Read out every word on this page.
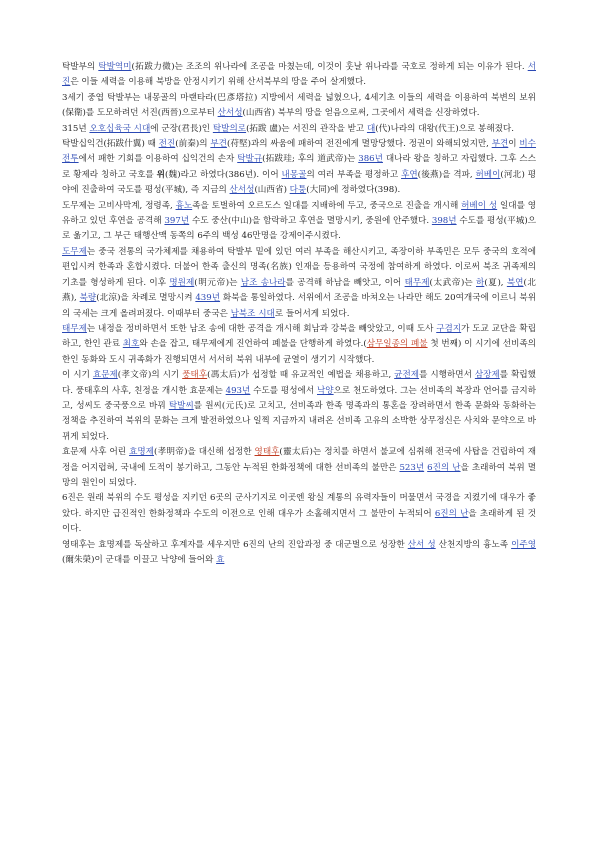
탁발부의 탁발역미(拓跋力微)는 조조의 위나라에 조공을 마쳤는데, 이것이 훗날 위나라를 국호로 정하게 되는 이유가 된다. 서진은 이들 세력을 이용해 북방을 안정시키기 위해 산서북부의 땅을 주어 살게했다.

3세기 중엽 탁발부는 내몽골의 마랜타라(巴彥塔拉) 지방에서 세력을 넓혔으나, 4세기초 이들의 세력을 이용하여 북변의 보위(保衛)를 도모하려던 서진(西晉)으로부터 산서성(山西省) 북부의 땅을 얻음으로써, 그곳에서 세력을 신장하였다.

315년 오호십육국 시대에 군장(君長)인 탁발의로(拓跋 盧)는 서진의 관작을 받고 대(代)나라의 대왕(代王)으로 봉해졌다.

탁발십익건(拓跋什翼) 때 전진(前秦)의 부견(苻堅)과의 싸움에 패하여 전진에게 멸망당했다. 정권이 와해되었지만, 부견이 비수 전투에서 패한 기회를 이용하여 십익건의 손자 탁발규(拓跋珪; 후의 道武帝)는 386년 대나라 왕을 칭하고 자립했다. 그후 스스로 황제라 칭하고 국호를 위(魏)라고 하였다(386년). 이어 내몽골의 여러 부족을 평정하고 후연(後燕)을 격파, 허베이(河北) 평야에 진출하여 국도를 평성(平城), 즉 지금의 산서성(山西省) 다퉁(大同)에 정하였다(398).

도무제는 고비사막계, 정령족, 흉노족을 토벌하여 오르도스 일대를 지배하에 두고, 중국으로 진출을 개시해 허베이 성 일대를 영유하고 있던 후연을 공격해 397년 수도 중산(中山)을 함락하고 후연을 멸망시키, 중원에 안주했다. 398년 수도를 평성(平城)으로 옮기고, 그 부근 태행산맥 동쪽의 6주의 백성 46만명을 강제이주시켰다.

도무제는 중국 전통의 국가체제를 채용하여 탁발부 밑에 있던 여러 부족을 해산시키고, 족장이하 부족민은 모두 중국의 호적에 편입시켜 한족과 혼합시켰다. 더불어 한족 출신의 명족(名族) 인재을 등용하여 국정에 참여하게 하였다. 이로써 북조 귀족제의 기초를 형성하게 된다. 이후 명원제(明元帝)는 남조 송나라를 공격해 하남을 빼앗고, 이어 태무제(太武帝)는 하(夏), 북연(北燕), 북량(北涼)을 차례로 멸망시켜 439년 화북을 통일하였다. 서위에서 조공을 바쳐오는 나라만 해도 20여개국에 이르니 북위의 국세는 크게 올려퍼졌다. 이때부터 중국은 남북조 시대로 들어서게 되었다.

태무제는 내정을 정비하면서 또한 남조 송에 대한 공격을 개시해 회남과 강북을 빼앗았고, 이때 도사 구겸지가 도교 교단을 확립하고, 한인 관료 최호와 손을 잡고, 태무제에게 진언하여 폐불을 단행하게 하였다.(삼무일종의 폐불 첫 번째) 이 시기에 선비족의 한인 동화와 도시 귀족화가 진행되면서 서서히 북위 내부에 균열이 생기기 시작했다.

이 시기 효문제(孝文帝)의 시기 풍태후(馮太后)가 섭정할 때 유교적인 예법을 채용하고, 균전제를 시행하면서 삼장제를 확립했다. 풍태후의 사후, 친정을 개시한 효문제는 493년 수도를 평성에서 낙양으로 천도하였다. 그는 선비족의 복장과 언어를 금지하고, 성씨도 중국풍으로 바꿔 탁발씨를 원씨(元氏)로 고치고, 선비족과 한족 명족과의 통혼을 장려하면서 한족 문화와 동화하는 정책을 추진하여 북위의 문화는 크게 발전하였으나 일찍 지금까지 내려온 선비족 고유의 소박한 상무정신은 사치와 문약으로 바뀌게 되었다.

효문제 사후 어린 효명제(孝明帝)을 대신해 섭정한 영태후(靈太后)는 정치를 하면서 불교에 심취해 전국에 사탑을 건립하여 재정을 어지럽혀, 국내에 도적이 봉기하고, 그동안 누적된 한화정책에 대한 선비족의 불만은 523년 6진의 난을 초래하여 북위 멸망의 원인이 되었다.

6진은 원래 북위의 수도 평성을 지키던 6곳의 군사기지로 이곳엔 왕실 계통의 유력자들이 머물면서 국경을 지켰기에 대우가 좋았다. 하지만 급진적인 한화정책과 수도의 이전으로 인해 대우가 소홀해지면서 그 불만이 누적되어 6진의 난을 초래하게 된 것이다.

영태후는 효명제를 독살하고 후계자를 세우지만 6진의 난의 진압과정 중 대군벌으로 성장한 산서 성 산천지방의 흉노족 이주영(爾朱榮)이 군대를 이끌고 낙양에 들어와 효
